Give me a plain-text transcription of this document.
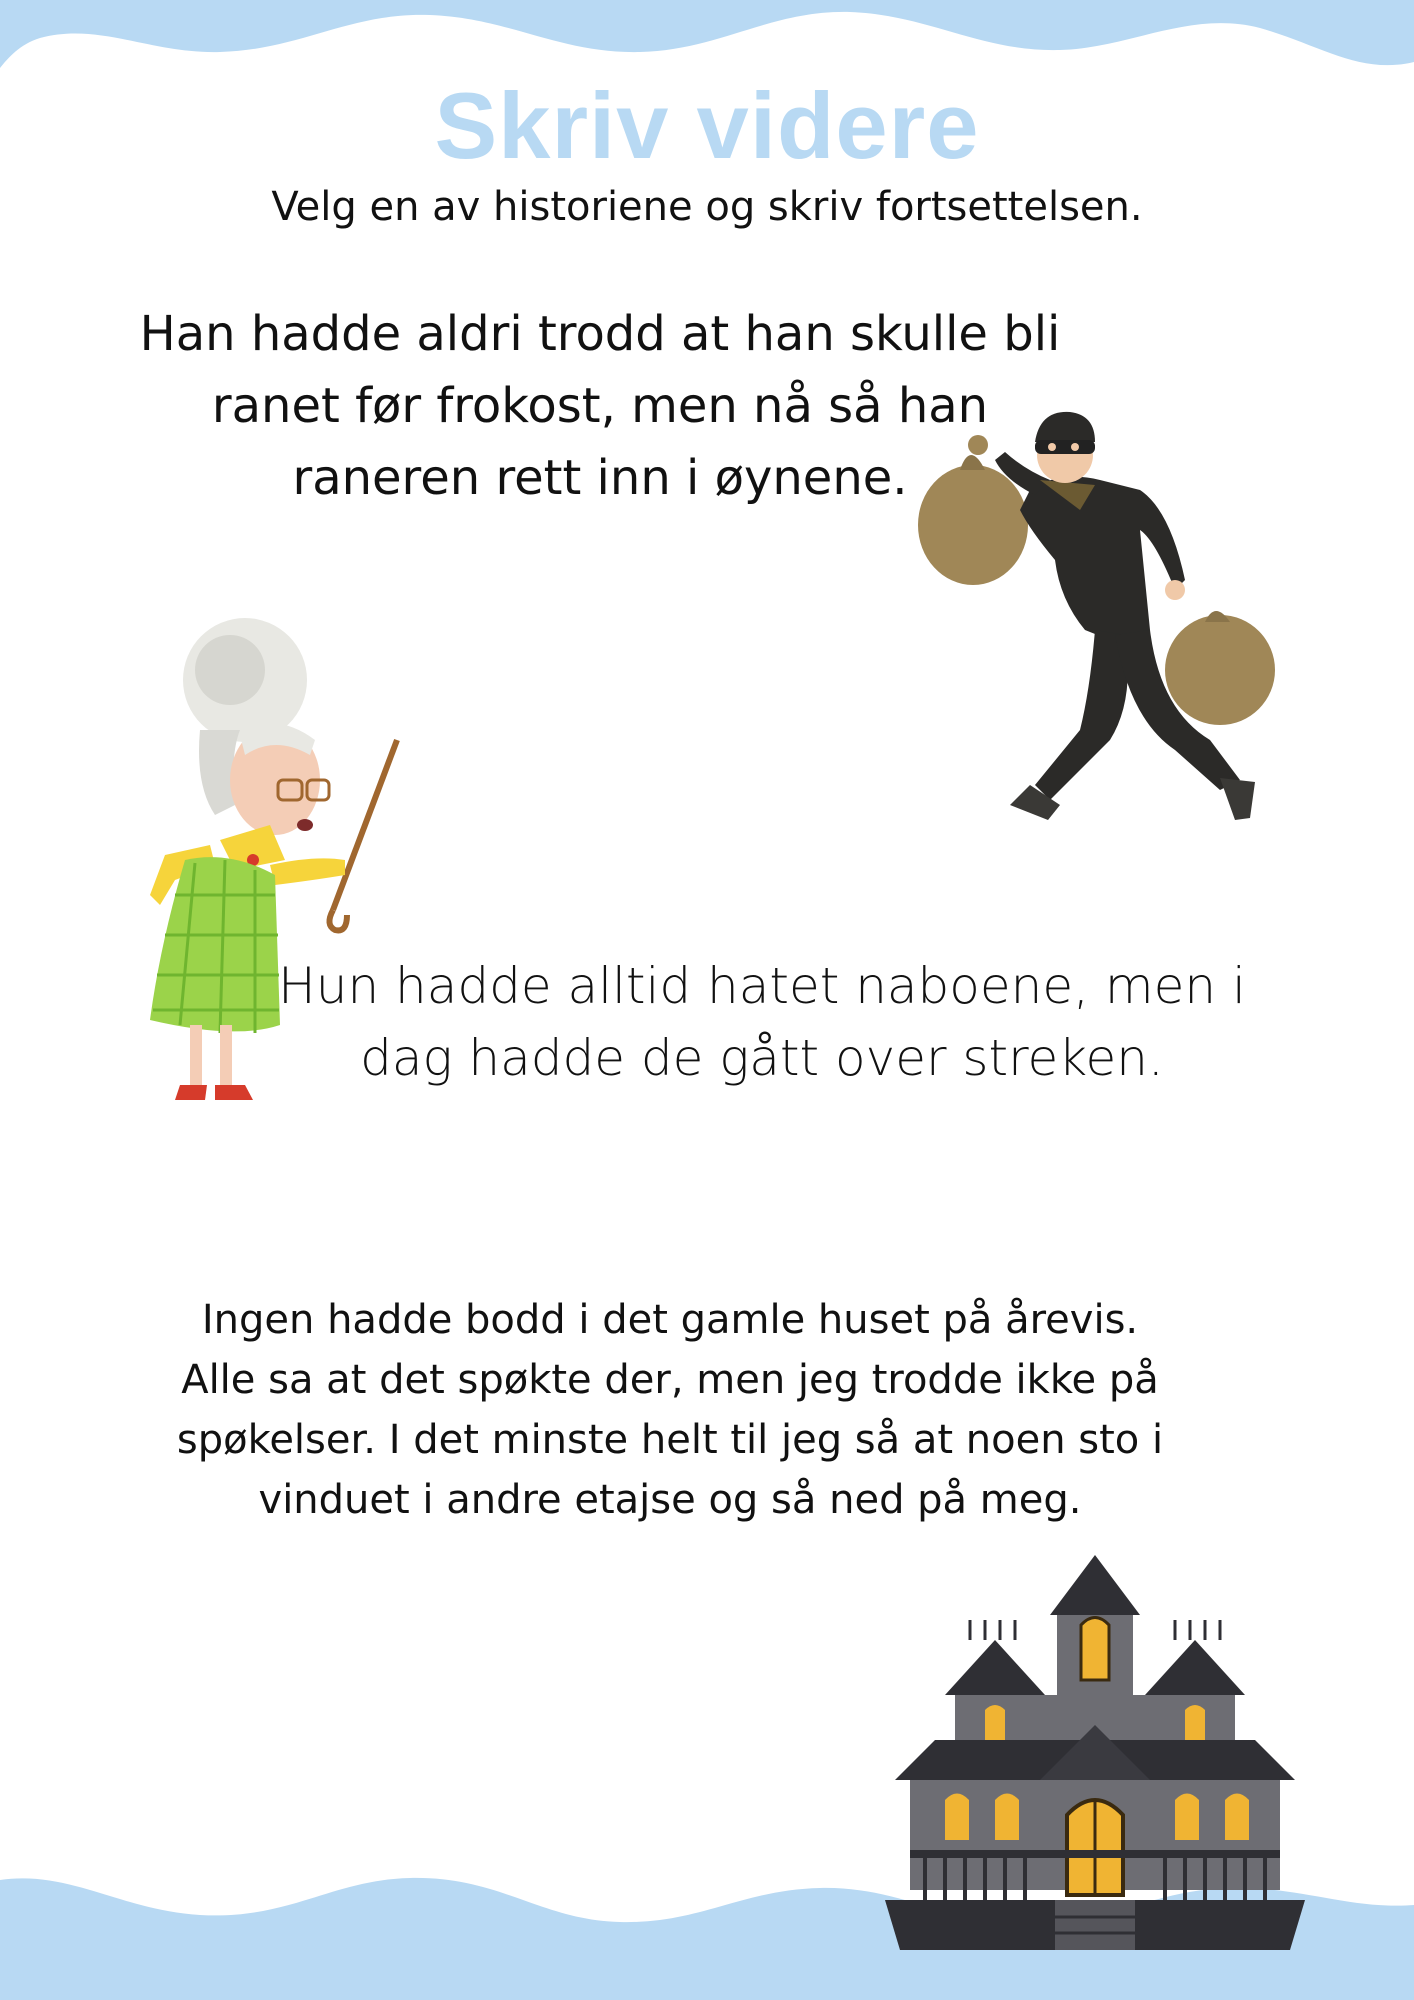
Skriv videre
Velg en av historiene og skriv fortsettelsen.
Han hadde aldri trodd at han skulle bli
ranet før frokost, men nå så han
raneren rett inn i øynene.
Hun hadde alltid hatet naboene, men i
dag hadde de gått over streken.
Ingen hadde bodd i det gamle huset på årevis.
Alle sa at det spøkte der, men jeg trodde ikke på
spøkelser. I det minste helt til jeg så at noen sto i
vinduet i andre etajse og så ned på meg.
